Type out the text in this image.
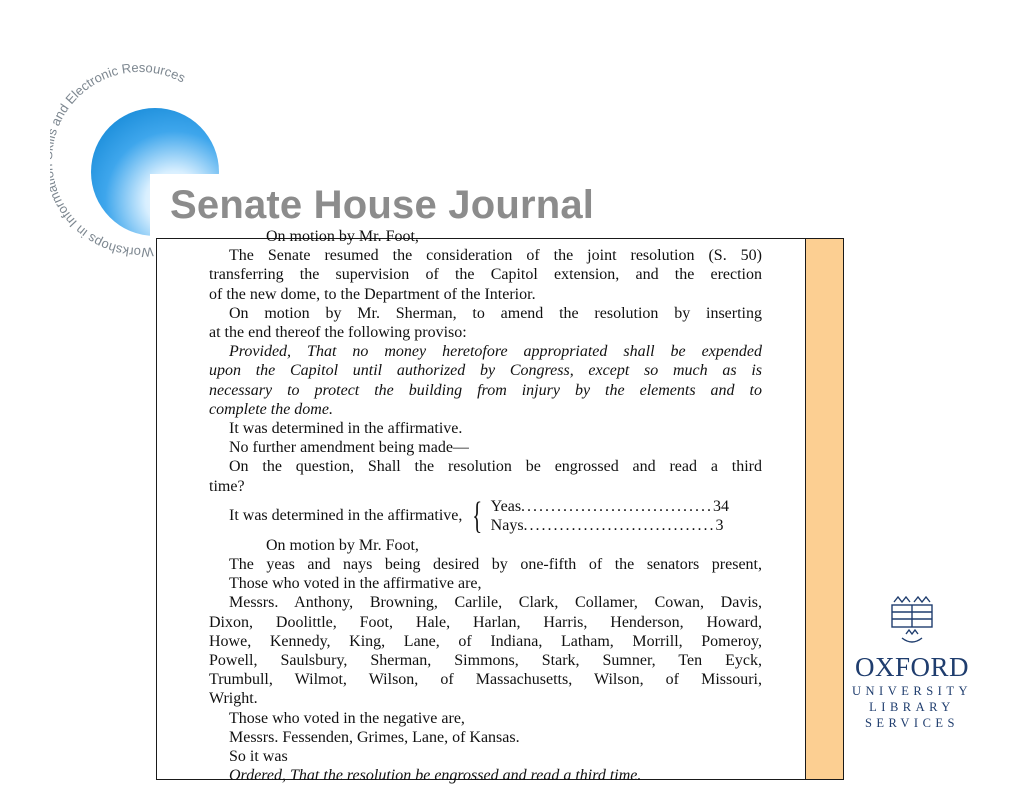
Workshops in Infor nd Electronic Resources
Senate House Journal
On motion by Mr. Foot,
The Senate resumed the consideration of the joint resolution (S. 50)
transferring the supervision of the Capitol extension, and the erection
of the new dome, to the Department of the Interior.
On motion by Mr. Sherman, to amend the resolution by inserting
at the end thereof the following proviso:
Provided, That no money heretofore appropriated shall be expended
upon the Capitol until authorized by Congress, except so much as is
necessary to protect the building from injury by the elements and to
complete the dome.
It was determined in the affirmative.
No further amendment being made—
On the question, Shall the resolution be engrossed and read a third
time?
It was determined in the affirmative, { Yeas ................................ 34
Nays ................................ 3
On motion by Mr. Foot,
The yeas and nays being desired by one-fifth of the senators present,
Those who voted in the affirmative are,
Messrs. Anthony, Browning, Carlile, Clark, Collamer, Cowan, Davis,
Dixon, Doolittle, Foot, Hale, Harlan, Harris, Henderson, Howard,
Howe, Kennedy, King, Lane, of Indiana, Latham, Morrill, Pomeroy,
Powell, Saulsbury, Sherman, Simmons, Stark, Sumner, Ten Eyck,
Trumbull, Wilmot, Wilson, of Massachusetts, Wilson, of Missouri,
Wright.
Those who voted in the negative are,
Messrs. Fessenden, Grimes, Lane, of Kansas.
So it was
Ordered, That the resolution be engrossed and read a third time.
OXFORD
UNIVERSITY
LIBRARY
SERVICES
